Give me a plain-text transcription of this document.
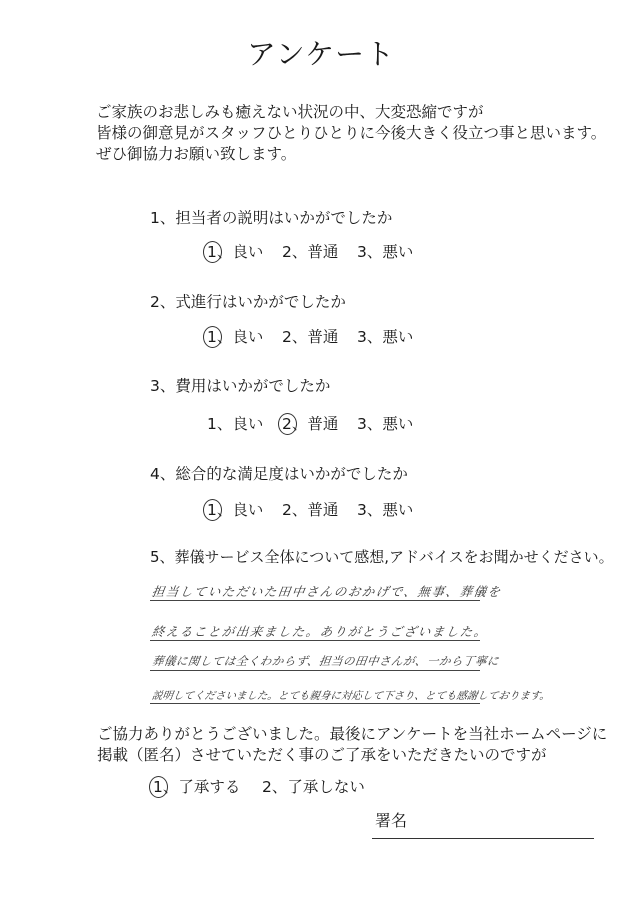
アンケート
ご家族のお悲しみも癒えない状況の中、大変恐縮ですが
皆様の御意見がスタッフひとりひとりに今後大きく役立つ事と思います。
ぜひ御協力お願い致します。
1、担当者の説明はいかがでしたか
1、良い 2、普通 3、悪い
2、式進行はいかがでしたか
1、良い 2、普通 3、悪い
3、費用はいかがでしたか
1、良い 2、普通 3、悪い
4、総合的な満足度はいかがでしたか
1、良い 2、普通 3、悪い
5、葬儀サービス全体について感想,アドバイスをお聞かせください。
担当していただいた田中さんのおかげで、無事、葬儀を
終えることが出来ました。ありがとうございました。
葬儀に関しては全くわからず、担当の田中さんが、一から丁寧に
説明してくださいました。とても親身に対応して下さり、とても感謝しております。
ご協力ありがとうございました。最後にアンケートを当社ホームページに
掲載（匿名）させていただく事のご了承をいただきたいのですが
1、了承する 2、了承しない
署名
